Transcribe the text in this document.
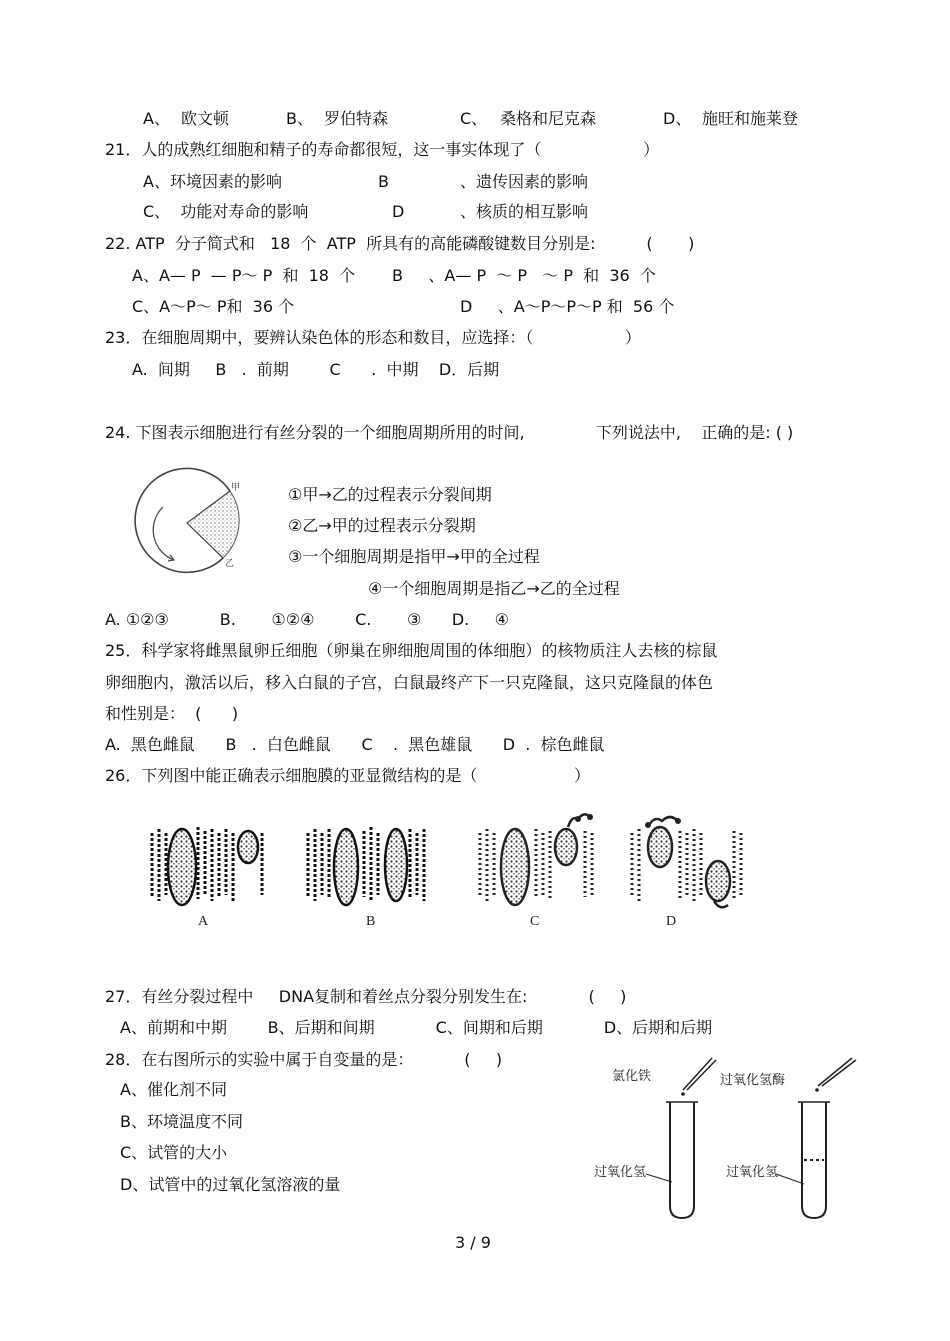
A、 欧文顿	B、 罗伯特森	C、 桑格和尼克森	D、 施旺和施莱登
21．人的成熟红细胞和精子的寿命都很短，这一事实体现了（                    ）
A、环境因素的影响	B	、遗传因素的影响
C、  功能对寿命的影响	D	、核质的相互影响
22. ATP  分子简式和   18  个  ATP  所具有的高能磷酸键数目分别是:          (       )
A、A— P  — P～ P  和  18  个 B     、A— P  ～ P   ～ P  和  36  个
C、A～P～ P和  36 个	D     、A～P～P～P 和  56 个
23．在细胞周期中，要辨认染色体的形态和数目，应选择：（                  ）
A.  间期     B   .  前期        C      .  中期    D．后期
24. 下图表示细胞进行有丝分裂的一个细胞周期所用的时间,              下列说法中,    正确的是: ( )
甲
乙
①甲→乙的过程表示分裂间期
②乙→甲的过程表示分裂期
③一个细胞周期是指甲→甲的全过程
④一个细胞周期是指乙→乙的全过程
A. ①②③          B.       ①②④        C.       ③      D.     ④
25．科学家将雌黑鼠卵丘细胞（卵巢在卵细胞周围的体细胞）的核物质注人去核的棕鼠
卵细胞内，激活以后，移入白鼠的子宫，白鼠最终产下一只克隆鼠，这只克隆鼠的体色
和性别是：  (      )
A.  黑色雌鼠      B   .  白色雌鼠      C    .  黑色雄鼠      D  .  棕色雌鼠
26．下列图中能正确表示细胞膜的亚显微结构的是（                   ）
A	B	C	D
27．有丝分裂过程中     DNA复制和着丝点分裂分别发生在:            (     )
A、前期和中期        B、后期和间期            C、间期和后期            D、后期和后期
28．在右图所示的实验中属于自变量的是：          (     )
A、催化剂不同
B、环境温度不同
C、试管的大小
D、试管中的过氧化氢溶液的量
氯化铁	过氧化氢酶
过氧化氢	过氧化氢
3 / 9
